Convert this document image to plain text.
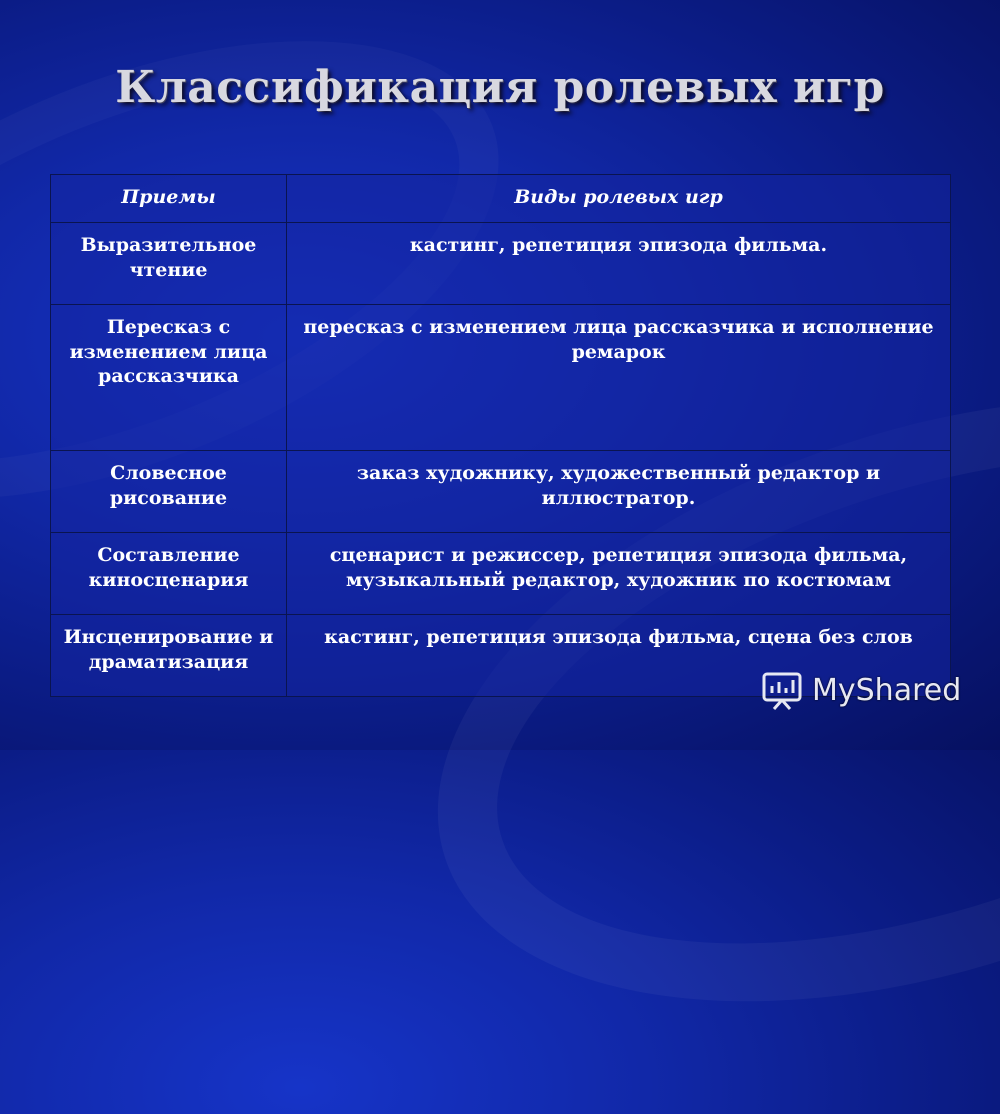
Классификация ролевых игр
Приемы	Виды ролевых игр
Выразительное чтение	кастинг, репетиция эпизода фильма.
Пересказ с изменением лица рассказчика	пересказ с изменением лица рассказчика и исполнение ремарок
Словесное рисование	заказ художнику, художественный редактор и иллюстратор.
Составление киносценария	сценарист и режиссер, репетиция эпизода фильма, музыкальный редактор, художник по костюмам
Инсценирование и драматизация	кастинг, репетиция эпизода фильма, сцена без слов
MyShared
